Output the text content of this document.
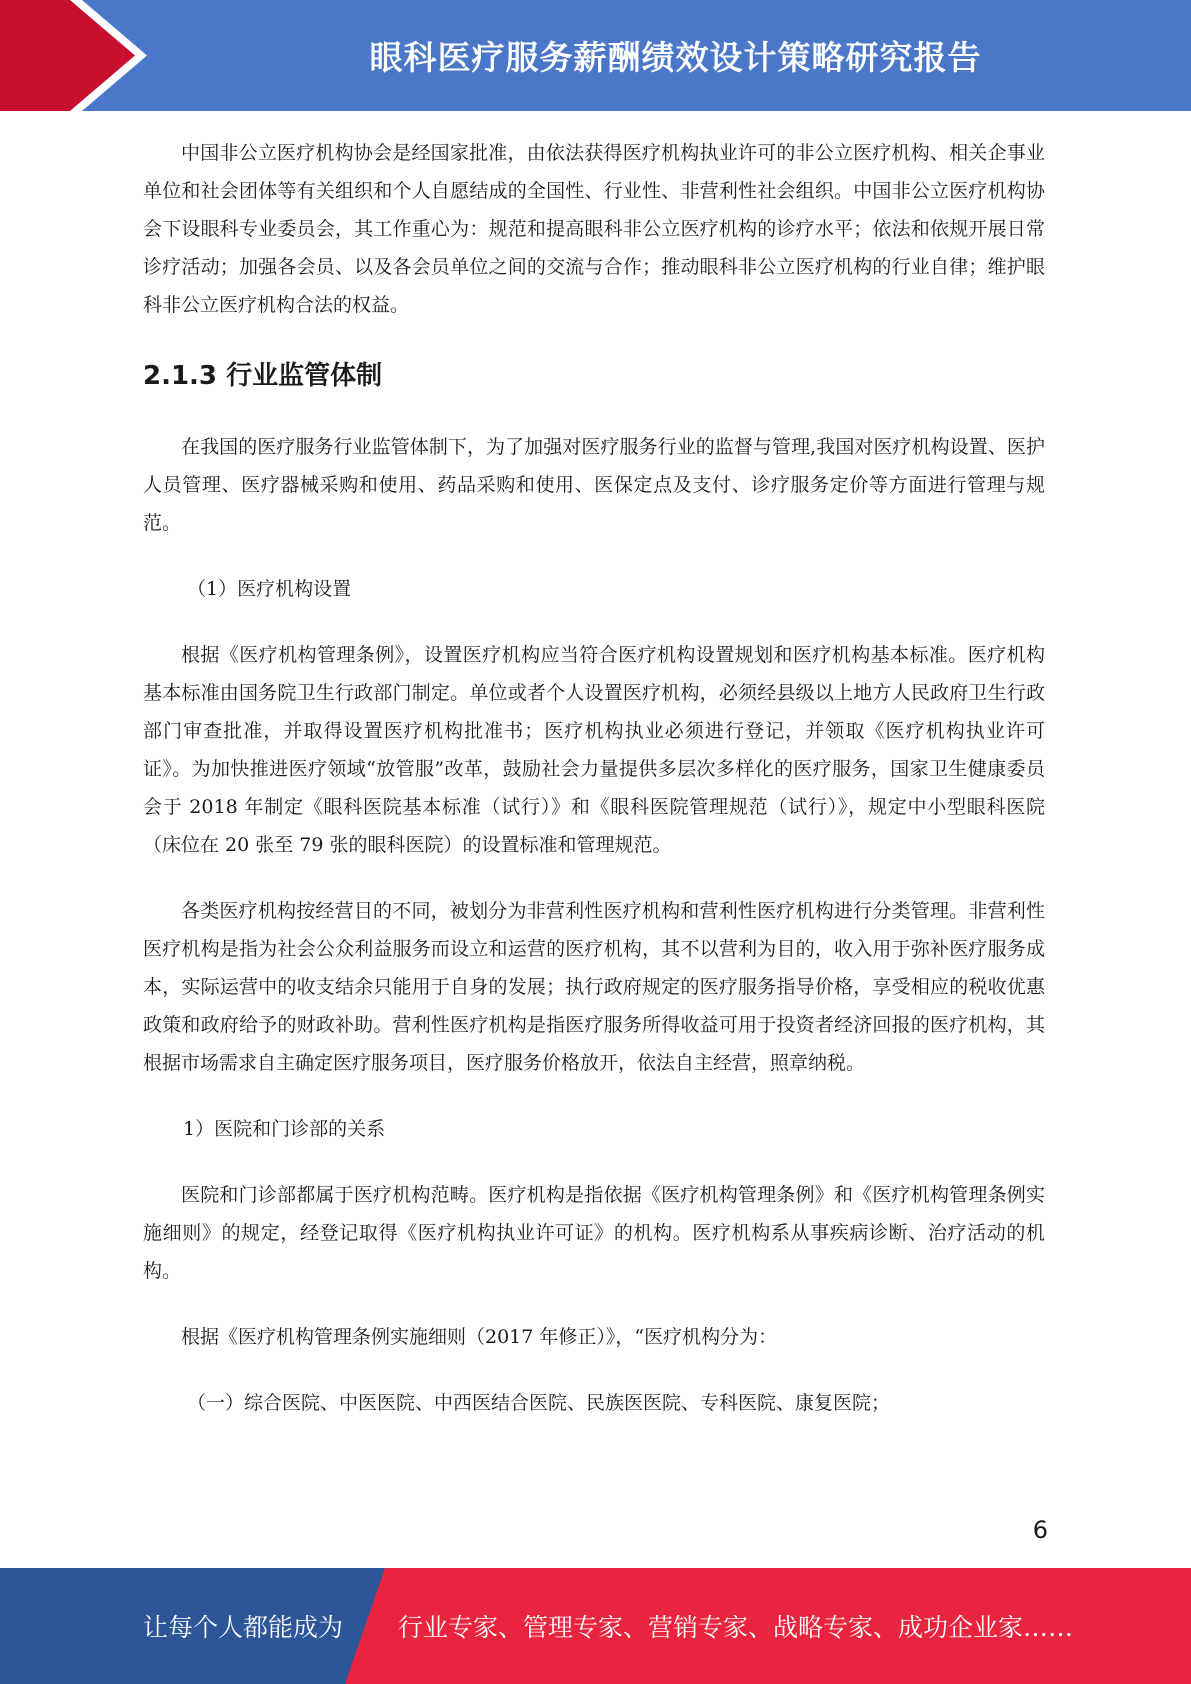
眼科医疗服务薪酬绩效设计策略研究报告

中国非公立医疗机构协会是经国家批准，由依法获得医疗机构执业许可的非公立医疗机构、相关企事业单位和社会团体等有关组织和个人自愿结成的全国性、行业性、非营利性社会组织。中国非公立医疗机构协会下设眼科专业委员会，其工作重心为：规范和提高眼科非公立医疗机构的诊疗水平；依法和依规开展日常诊疗活动；加强各会员、以及各会员单位之间的交流与合作；推动眼科非公立医疗机构的行业自律；维护眼科非公立医疗机构合法的权益。

2.1.3 行业监管体制

在我国的医疗服务行业监管体制下，为了加强对医疗服务行业的监督与管理,我国对医疗机构设置、医护人员管理、医疗器械采购和使用、药品采购和使用、医保定点及支付、诊疗服务定价等方面进行管理与规范。

（1）医疗机构设置

根据《医疗机构管理条例》，设置医疗机构应当符合医疗机构设置规划和医疗机构基本标准。医疗机构基本标准由国务院卫生行政部门制定。单位或者个人设置医疗机构，必须经县级以上地方人民政府卫生行政部门审查批准，并取得设置医疗机构批准书；医疗机构执业必须进行登记，并领取《医疗机构执业许可证》。为加快推进医疗领域“放管服”改革，鼓励社会力量提供多层次多样化的医疗服务，国家卫生健康委员会于 2018 年制定《眼科医院基本标准（试行）》和《眼科医院管理规范（试行）》，规定中小型眼科医院（床位在 20 张至 79 张的眼科医院）的设置标准和管理规范。

各类医疗机构按经营目的不同，被划分为非营利性医疗机构和营利性医疗机构进行分类管理。非营利性医疗机构是指为社会公众利益服务而设立和运营的医疗机构，其不以营利为目的，收入用于弥补医疗服务成本，实际运营中的收支结余只能用于自身的发展；执行政府规定的医疗服务指导价格，享受相应的税收优惠政策和政府给予的财政补助。营利性医疗机构是指医疗服务所得收益可用于投资者经济回报的医疗机构，其根据市场需求自主确定医疗服务项目，医疗服务价格放开，依法自主经营，照章纳税。

1）医院和门诊部的关系

医院和门诊部都属于医疗机构范畴。医疗机构是指依据《医疗机构管理条例》和《医疗机构管理条例实施细则》的规定，经登记取得《医疗机构执业许可证》的机构。医疗机构系从事疾病诊断、治疗活动的机构。

根据《医疗机构管理条例实施细则（2017 年修正）》，“医疗机构分为：

（一）综合医院、中医医院、中西医结合医院、民族医医院、专科医院、康复医院；

6
让每个人都能成为 行业专家、管理专家、营销专家、战略专家、成功企业家……
